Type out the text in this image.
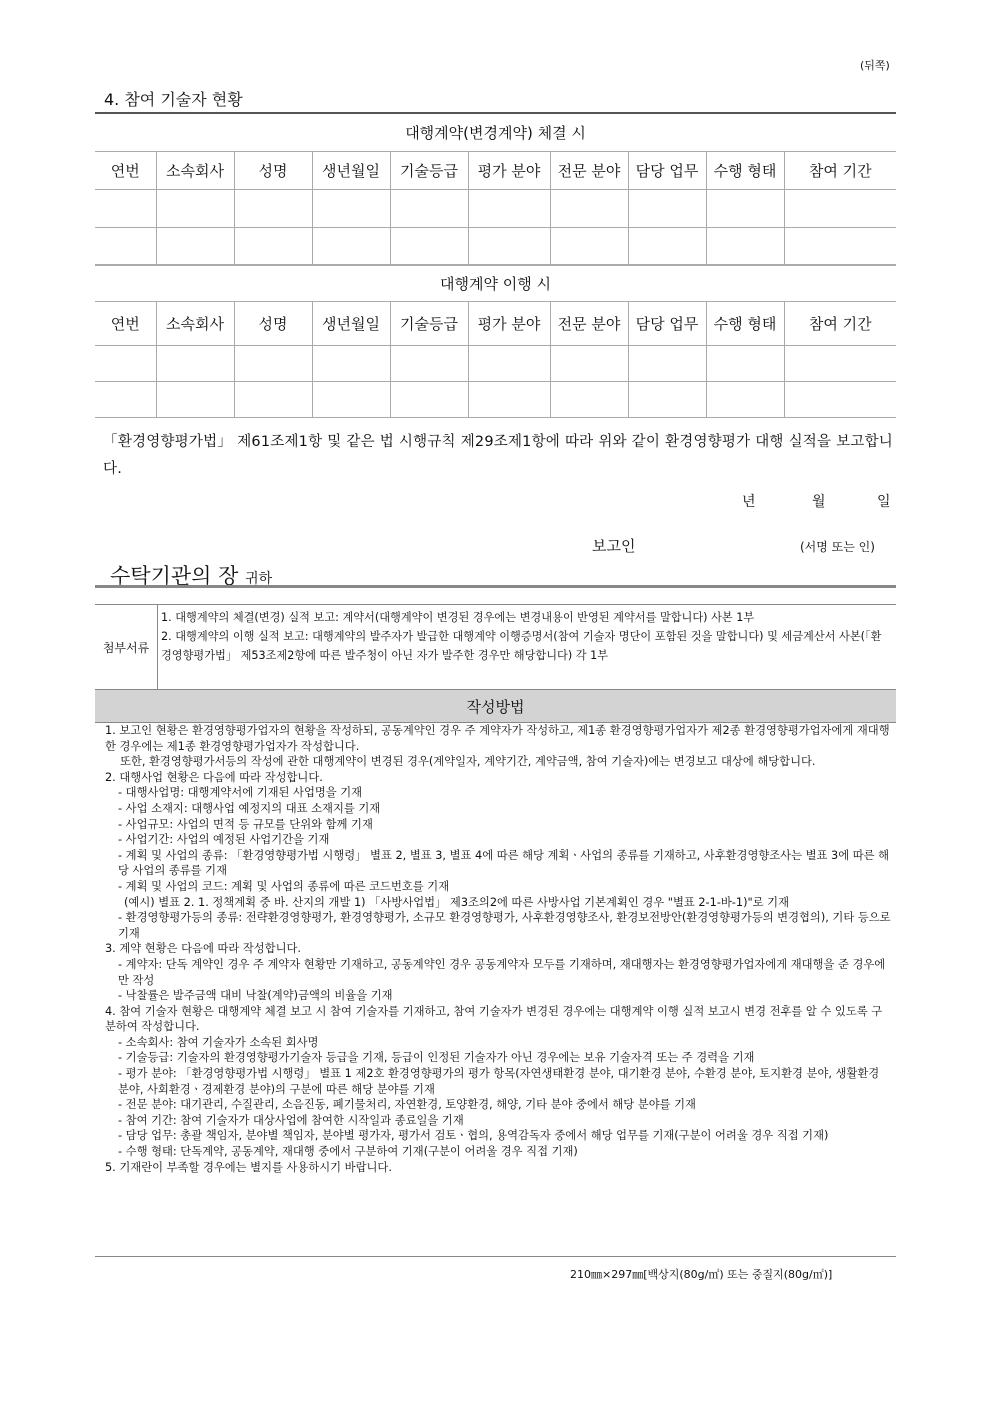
(뒤쪽)
4. 참여 기술자 현황
대행계약(변경계약) 체결 시									
연번	소속회사	성명	생년월일	기술등급	평가 분야	전문 분야	담당 업무	수행 형태	참여 기간

대행계약 이행 시									
연번	소속회사	성명	생년월일	기술등급	평가 분야	전문 분야	담당 업무	수행 형태	참여 기간

「환경영향평가법」 제61조제1항 및 같은 법 시행규칙 제29조제1항에 따라 위와 같이 환경영향평가 대행 실적을 보고합니다.
년	월	일
보고인	(서명 또는 인)
수탁기관의 장 귀하
첨부서류
1. 대행계약의 체결(변경) 실적 보고: 계약서(대행계약이 변경된 경우에는 변경내용이 반영된 계약서를 말합니다) 사본 1부
2. 대행계약의 이행 실적 보고: 대행계약의 발주자가 발급한 대행계약 이행증명서(참여 기술자 명단이 포함된 것을 말합니다) 및 세금계산서 사본(「환경영향평가법」 제53조제2항에 따른 발주청이 아닌 자가 발주한 경우만 해당합니다) 각 1부
작성방법
1. 보고인 현황은 환경영향평가업자의 현황을 작성하되, 공동계약인 경우 주 계약자가 작성하고, 제1종 환경영향평가업자가 제2종 환경영향평가업자에게 재대행한 경우에는 제1종 환경영향평가업자가 작성합니다.
또한, 환경영향평가서등의 작성에 관한 대행계약이 변경된 경우(계약일자, 계약기간, 계약금액, 참여 기술자)에는 변경보고 대상에 해당합니다.
2. 대행사업 현황은 다음에 따라 작성합니다.
- 대행사업명: 대행계약서에 기재된 사업명을 기재
- 사업 소재지: 대행사업 예정지의 대표 소재지를 기재
- 사업규모: 사업의 면적 등 규모를 단위와 함께 기재
- 사업기간: 사업의 예정된 사업기간을 기재
- 계획 및 사업의 종류: 「환경영향평가법 시행령」 별표 2, 별표 3, 별표 4에 따른 해당 계획ㆍ사업의 종류를 기재하고, 사후환경영향조사는 별표 3에 따른 해당 사업의 종류를 기재
- 계획 및 사업의 코드: 계획 및 사업의 종류에 따른 코드번호를 기재
(예시) 별표 2. 1. 정책계획 중 바. 산지의 개발 1) 「사방사업법」 제3조의2에 따른 사방사업 기본계획인 경우 "별표 2-1-바-1)"로 기재
- 환경영향평가등의 종류: 전략환경영향평가, 환경영향평가, 소규모 환경영향평가, 사후환경영향조사, 환경보전방안(환경영향평가등의 변경협의), 기타 등으로 기재
3. 계약 현황은 다음에 따라 작성합니다.
- 계약자: 단독 계약인 경우 주 계약자 현황만 기재하고, 공동계약인 경우 공동계약자 모두를 기재하며, 재대행자는 환경영향평가업자에게 재대행을 준 경우에만 작성
- 낙찰률은 발주금액 대비 낙찰(계약)금액의 비율을 기재
4. 참여 기술자 현황은 대행계약 체결 보고 시 참여 기술자를 기재하고, 참여 기술자가 변경된 경우에는 대행계약 이행 실적 보고시 변경 전후를 알 수 있도록 구분하여 작성합니다.
- 소속회사: 참여 기술자가 소속된 회사명
- 기술등급: 기술자의 환경영향평가기술자 등급을 기재, 등급이 인정된 기술자가 아닌 경우에는 보유 기술자격 또는 주 경력을 기재
- 평가 분야: 「환경영향평가법 시행령」 별표 1 제2호 환경영향평가의 평가 항목(자연생태환경 분야, 대기환경 분야, 수환경 분야, 토지환경 분야, 생활환경 분야, 사회환경ㆍ경제환경 분야)의 구분에 따른 해당 분야를 기재
- 전문 분야: 대기관리, 수질관리, 소음진동, 폐기물처리, 자연환경, 토양환경, 해양, 기타 분야 중에서 해당 분야를 기재
- 참여 기간: 참여 기술자가 대상사업에 참여한 시작일과 종료일을 기재
- 담당 업무: 총괄 책임자, 분야별 책임자, 분야별 평가자, 평가서 검토ㆍ협의, 용역감독자 중에서 해당 업무를 기재(구분이 어려울 경우 직접 기재)
- 수행 형태: 단독계약, 공동계약, 재대행 중에서 구분하여 기재(구분이 어려울 경우 직접 기재)
5. 기재란이 부족할 경우에는 별지를 사용하시기 바랍니다.
210㎜×297㎜[백상지(80g/㎡) 또는 중질지(80g/㎡)]
